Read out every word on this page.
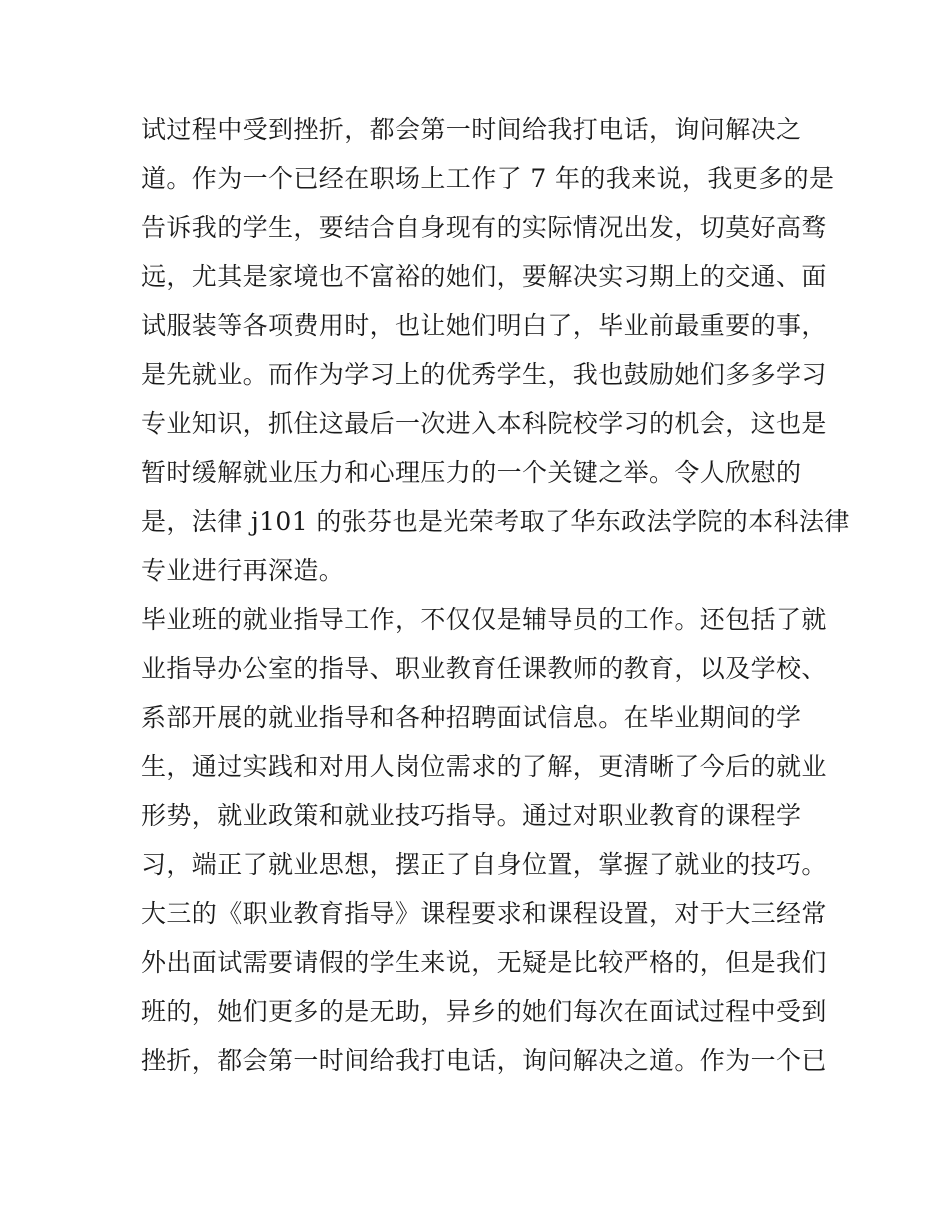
试过程中受到挫折，都会第一时间给我打电话，询问解决之
道。作为一个已经在职场上工作了 7 年的我来说，我更多的是
告诉我的学生，要结合自身现有的实际情况出发，切莫好高骛
远，尤其是家境也不富裕的她们，要解决实习期上的交通、面
试服装等各项费用时，也让她们明白了，毕业前最重要的事，
是先就业。而作为学习上的优秀学生，我也鼓励她们多多学习
专业知识，抓住这最后一次进入本科院校学习的机会，这也是
暂时缓解就业压力和心理压力的一个关键之举。令人欣慰的
是，法律 j101 的张芬也是光荣考取了华东政法学院的本科法律
专业进行再深造。
毕业班的就业指导工作，不仅仅是辅导员的工作。还包括了就
业指导办公室的指导、职业教育任课教师的教育，以及学校、
系部开展的就业指导和各种招聘面试信息。在毕业期间的学
生，通过实践和对用人岗位需求的了解，更清晰了今后的就业
形势，就业政策和就业技巧指导。通过对职业教育的课程学
习，端正了就业思想，摆正了自身位置，掌握了就业的技巧。
大三的《职业教育指导》课程要求和课程设置，对于大三经常
外出面试需要请假的学生来说，无疑是比较严格的，但是我们
班的，她们更多的是无助，异乡的她们每次在面试过程中受到
挫折，都会第一时间给我打电话，询问解决之道。作为一个已
